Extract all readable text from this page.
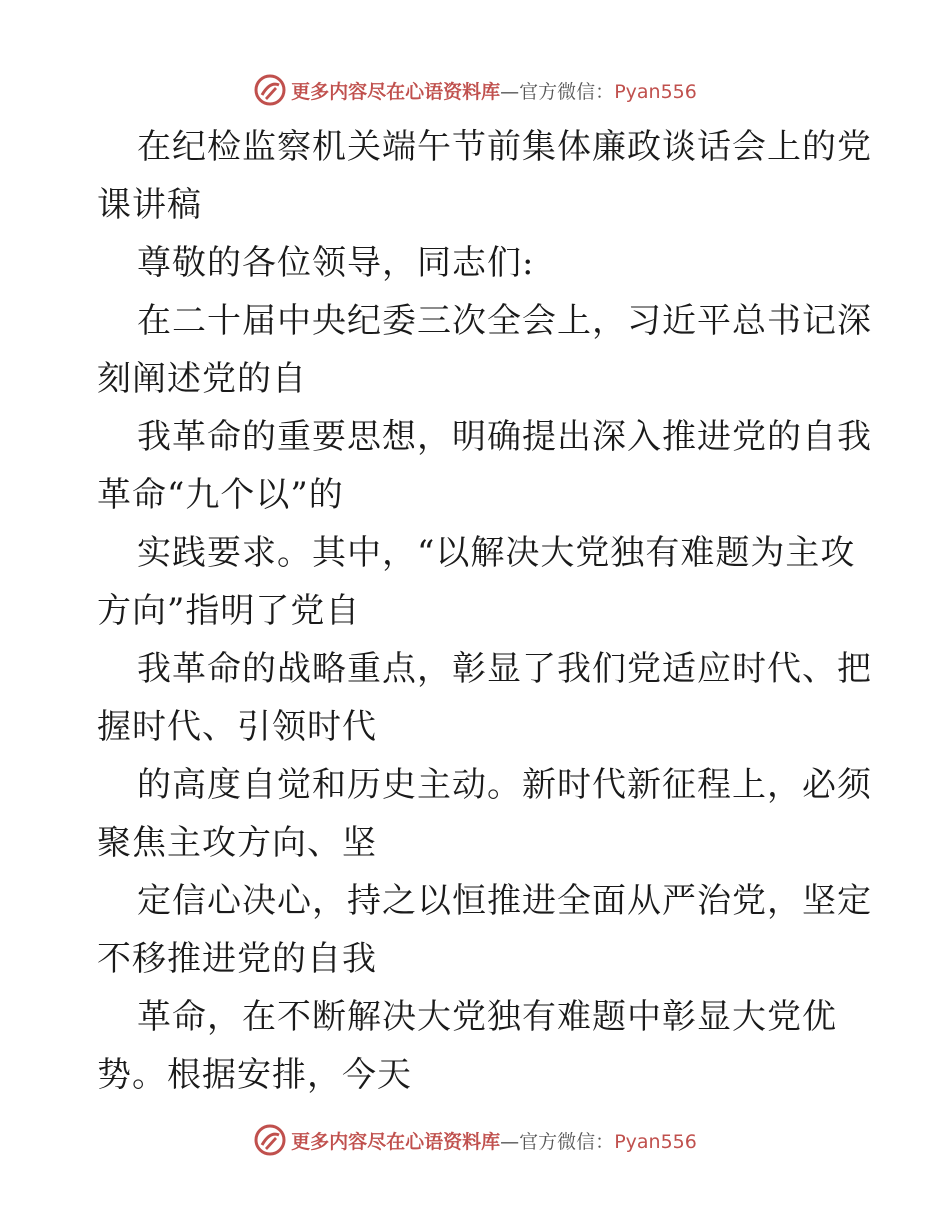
更多内容尽在心语资料库—官方微信：Pyan556
在纪检监察机关端午节前集体廉政谈话会上的党
课讲稿
尊敬的各位领导，同志们:
在二十届中央纪委三次全会上，习近平总书记深
刻阐述党的自
我革命的重要思想，明确提出深入推进党的自我
革命“九个以”的
实践要求。其中，“以解决大党独有难题为主攻
方向”指明了党自
我革命的战略重点，彰显了我们党适应时代、把
握时代、引领时代
的高度自觉和历史主动。新时代新征程上，必须
聚焦主攻方向、坚
定信心决心，持之以恒推进全面从严治党，坚定
不移推进党的自我
革命，在不断解决大党独有难题中彰显大党优
势。根据安排，今天
更多内容尽在心语资料库—官方微信：Pyan556
